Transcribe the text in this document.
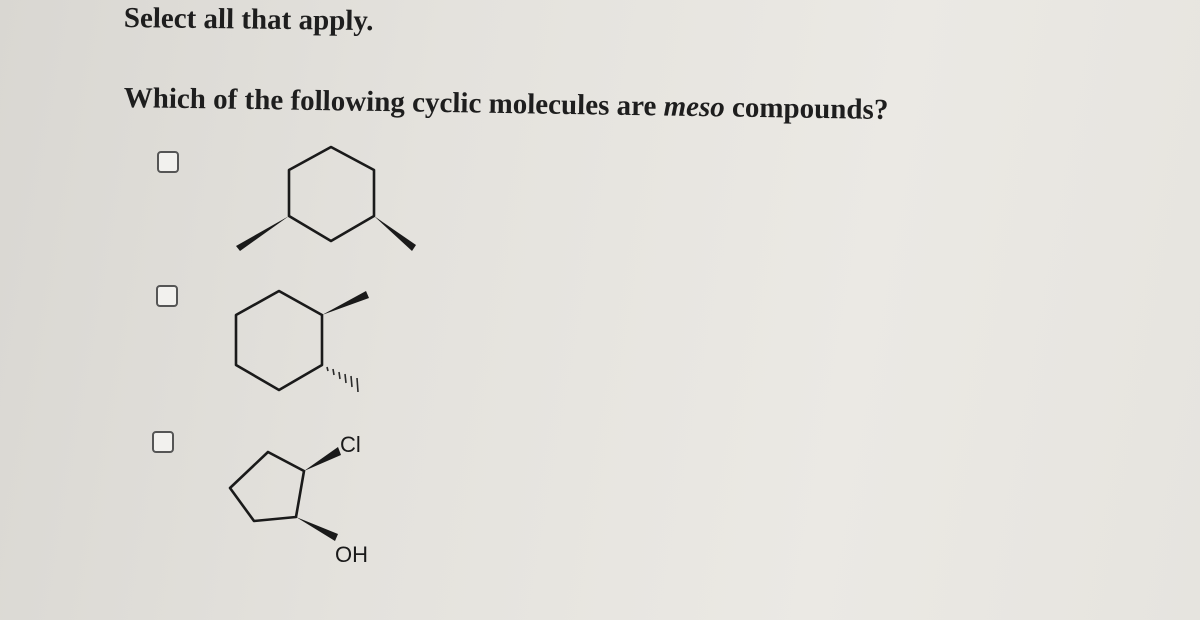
Select all that apply.

Which of the following cyclic molecules are meso compounds?

Cl
OH
